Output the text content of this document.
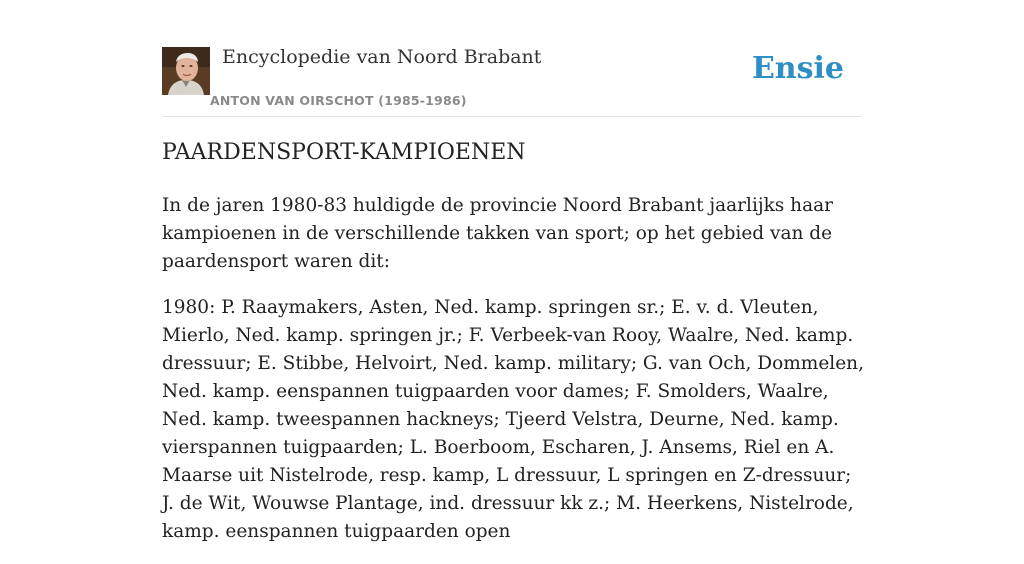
Encyclopedie van Noord Brabant
ANTON VAN OIRSCHOT (1985-1986)
Ensie
PAARDENSPORT-KAMPIOENEN

In de jaren 1980-83 huldigde de provincie Noord Brabant jaarlijks haar kampioenen in de verschillende takken van sport; op het gebied van de paardensport waren dit:

1980: P. Raaymakers, Asten, Ned. kamp. springen sr.; E. v. d. Vleuten, Mierlo, Ned. kamp. springen jr.; F. Verbeek-van Rooy, Waalre, Ned. kamp. dressuur; E. Stibbe, Helvoirt, Ned. kamp. military; G. van Och, Dommelen, Ned. kamp. eenspannen tuigpaarden voor dames; F. Smolders, Waalre, Ned. kamp. tweespannen hackneys; Tjeerd Velstra, Deurne, Ned. kamp. vierspannen tuigpaarden; L. Boerboom, Escharen, J. Ansems, Riel en A. Maarse uit Nistelrode, resp. kamp, L dressuur, L springen en Z-dressuur; J. de Wit, Wouwse Plantage, ind. dressuur kk z.; M. Heerkens, Nistelrode, kamp. eenspannen tuigpaarden open
